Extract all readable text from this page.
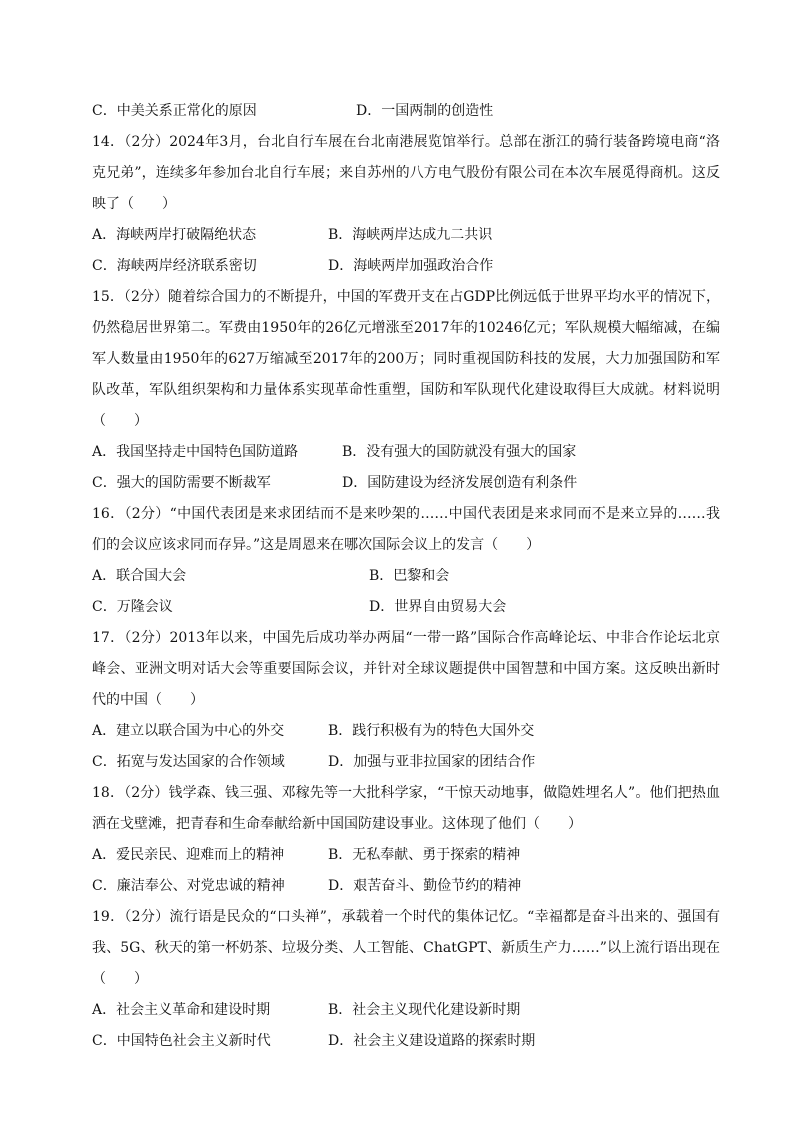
C．中美关系正常化的原因	D．一国两制的创造性

14．（2分）2024年3月，台北自行车展在台北南港展览馆举行。总部在浙江的骑行装备跨境电商“洛克兄弟”，连续多年参加台北自行车展；来自苏州的八方电气股份有限公司在本次车展觅得商机。这反映了（　　）

A．海峡两岸打破隔绝状态	B．海峡两岸达成九二共识
C．海峡两岸经济联系密切	D．海峡两岸加强政治合作

15．（2分）随着综合国力的不断提升，中国的军费开支在占GDP比例远低于世界平均水平的情况下，仍然稳居世界第二。军费由1950年的26亿元增涨至2017年的10246亿元；军队规模大幅缩减，在编军人数量由1950年的627万缩减至2017年的200万；同时重视国防科技的发展，大力加强国防和军队改革，军队组织架构和力量体系实现革命性重塑，国防和军队现代化建设取得巨大成就。材料说明（　　）

A．我国坚持走中国特色国防道路	B．没有强大的国防就没有强大的国家
C．强大的国防需要不断裁军	D．国防建设为经济发展创造有利条件

16．（2分）“中国代表团是来求团结而不是来吵架的……中国代表团是来求同而不是来立异的……我们的会议应该求同而存异。”这是周恩来在哪次国际会议上的发言（　　）

A．联合国大会	B．巴黎和会
C．万隆会议	D．世界自由贸易大会

17．（2分）2013年以来，中国先后成功举办两届“一带一路”国际合作高峰论坛、中非合作论坛北京峰会、亚洲文明对话大会等重要国际会议，并针对全球议题提供中国智慧和中国方案。这反映出新时代的中国（　　）

A．建立以联合国为中心的外交	B．践行积极有为的特色大国外交
C．拓宽与发达国家的合作领域	D．加强与亚非拉国家的团结合作

18．（2分）钱学森、钱三强、邓稼先等一大批科学家，“干惊天动地事，做隐姓埋名人”。他们把热血洒在戈壁滩，把青春和生命奉献给新中国国防建设事业。这体现了他们（　　）

A．爱民亲民、迎难而上的精神	B．无私奉献、勇于探索的精神
C．廉洁奉公、对党忠诚的精神	D．艰苦奋斗、勤俭节约的精神

19．（2分）流行语是民众的“口头禅”，承载着一个时代的集体记忆。“幸福都是奋斗出来的、强国有我、5G、秋天的第一杯奶茶、垃圾分类、人工智能、ChatGPT、新质生产力……”以上流行语出现在（　　）

A．社会主义革命和建设时期	B．社会主义现代化建设新时期
C．中国特色社会主义新时代	D．社会主义建设道路的探索时期
